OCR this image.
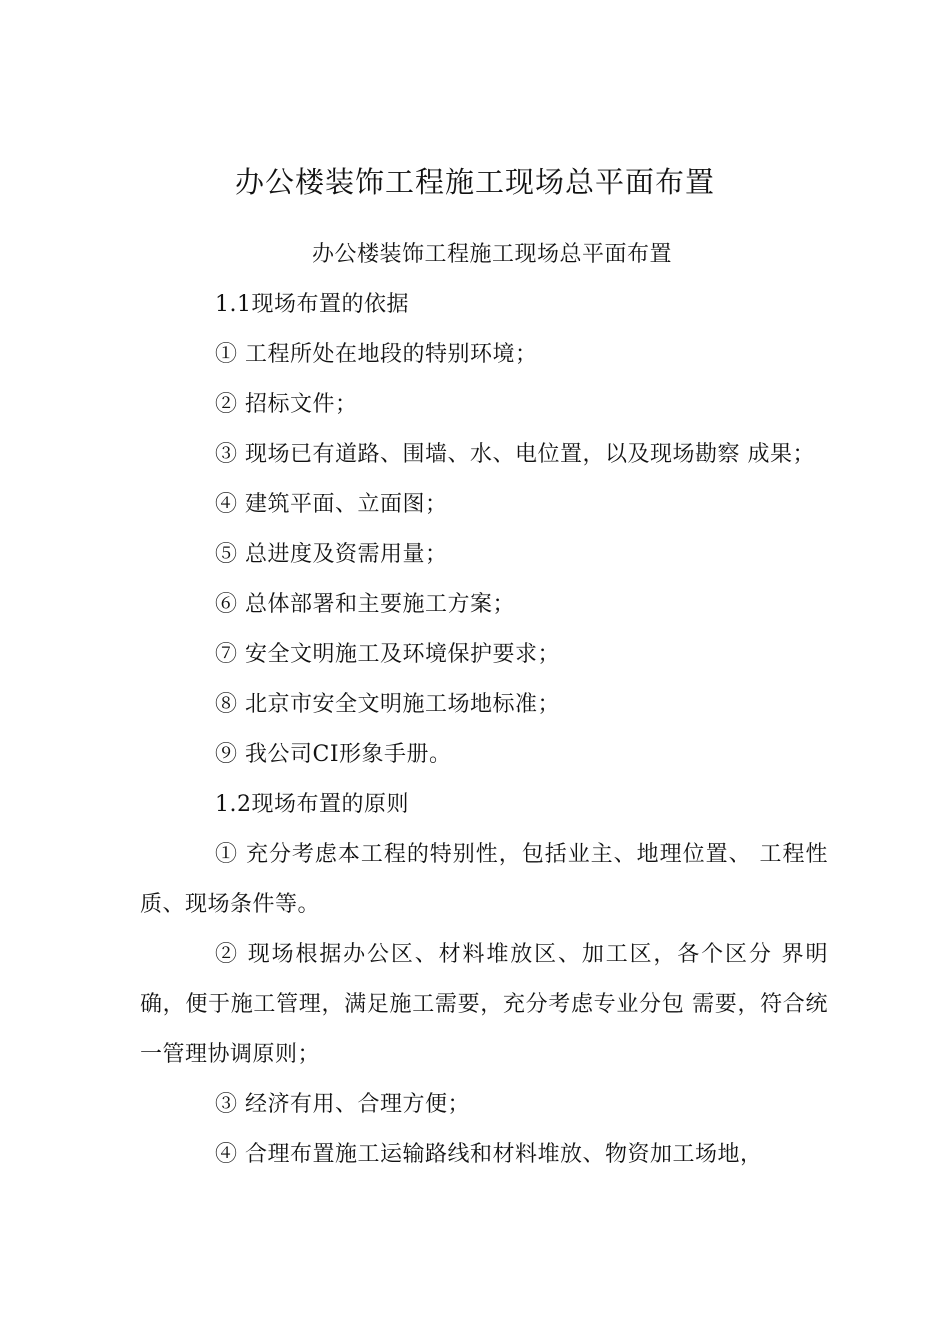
办公楼装饰工程施工现场总平面布置

办公楼装饰工程施工现场总平面布置

1.1现场布置的依据

① 工程所处在地段的特别环境；

② 招标文件；

③ 现场已有道路、围墙、水、电位置，以及现场勘察 成果；

④ 建筑平面、立面图；

⑤ 总进度及资需用量；

⑥ 总体部署和主要施工方案；

⑦ 安全文明施工及环境保护要求；

⑧ 北京市安全文明施工场地标准；

⑨ 我公司CI形象手册。

1.2现场布置的原则

① 充分考虑本工程的特别性，包括业主、地理位置、 工程性质、现场条件等。

② 现场根据办公区、材料堆放区、加工区，各个区分 界明确，便于施工管理，满足施工需要，充分考虑专业分包 需要，符合统一管理协调原则；

③ 经济有用、合理方便；

④ 合理布置施工运输路线和材料堆放、物资加工场地，
